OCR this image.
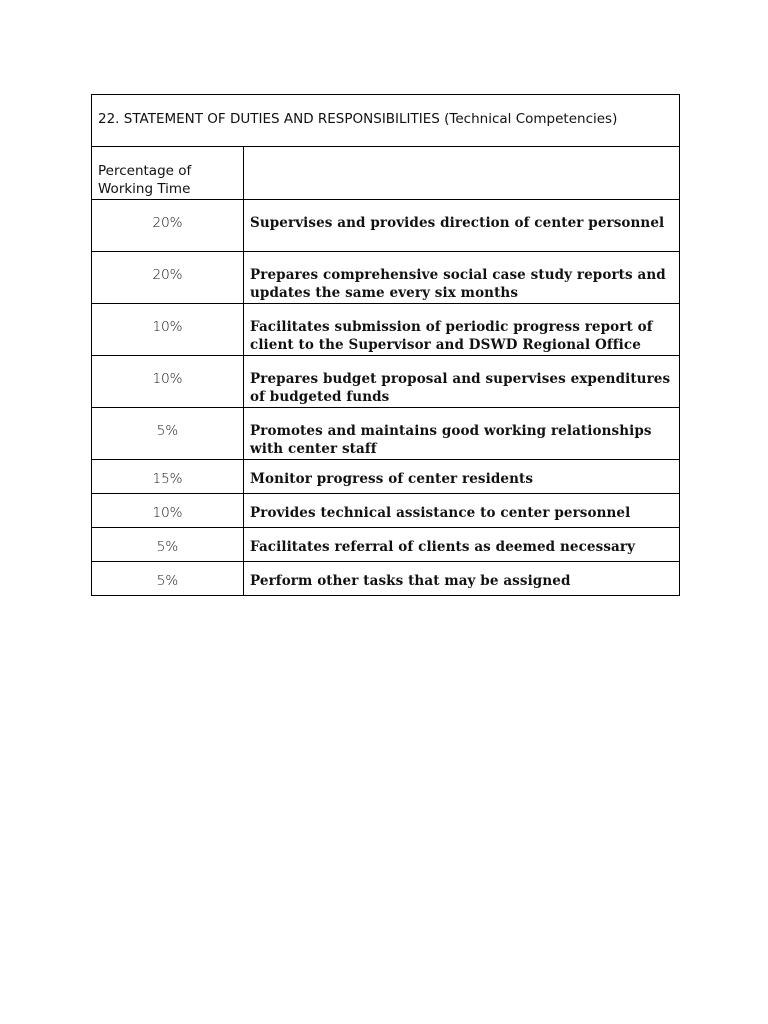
22. STATEMENT OF DUTIES AND RESPONSIBILITIES (Technical Competencies)	
Percentage of Working Time	
20%	Supervises and provides direction of center personnel
20%	Prepares comprehensive social case study reports and updates the same every six months
10%	Facilitates submission of periodic progress report of client to the Supervisor and DSWD Regional Office
10%	Prepares budget proposal and supervises expenditures of budgeted funds
5%	Promotes and maintains good working relationships with center staff
15%	Monitor progress of center residents
10%	Provides technical assistance to center personnel
5%	Facilitates referral of clients as deemed necessary
5%	Perform other tasks that may be assigned
